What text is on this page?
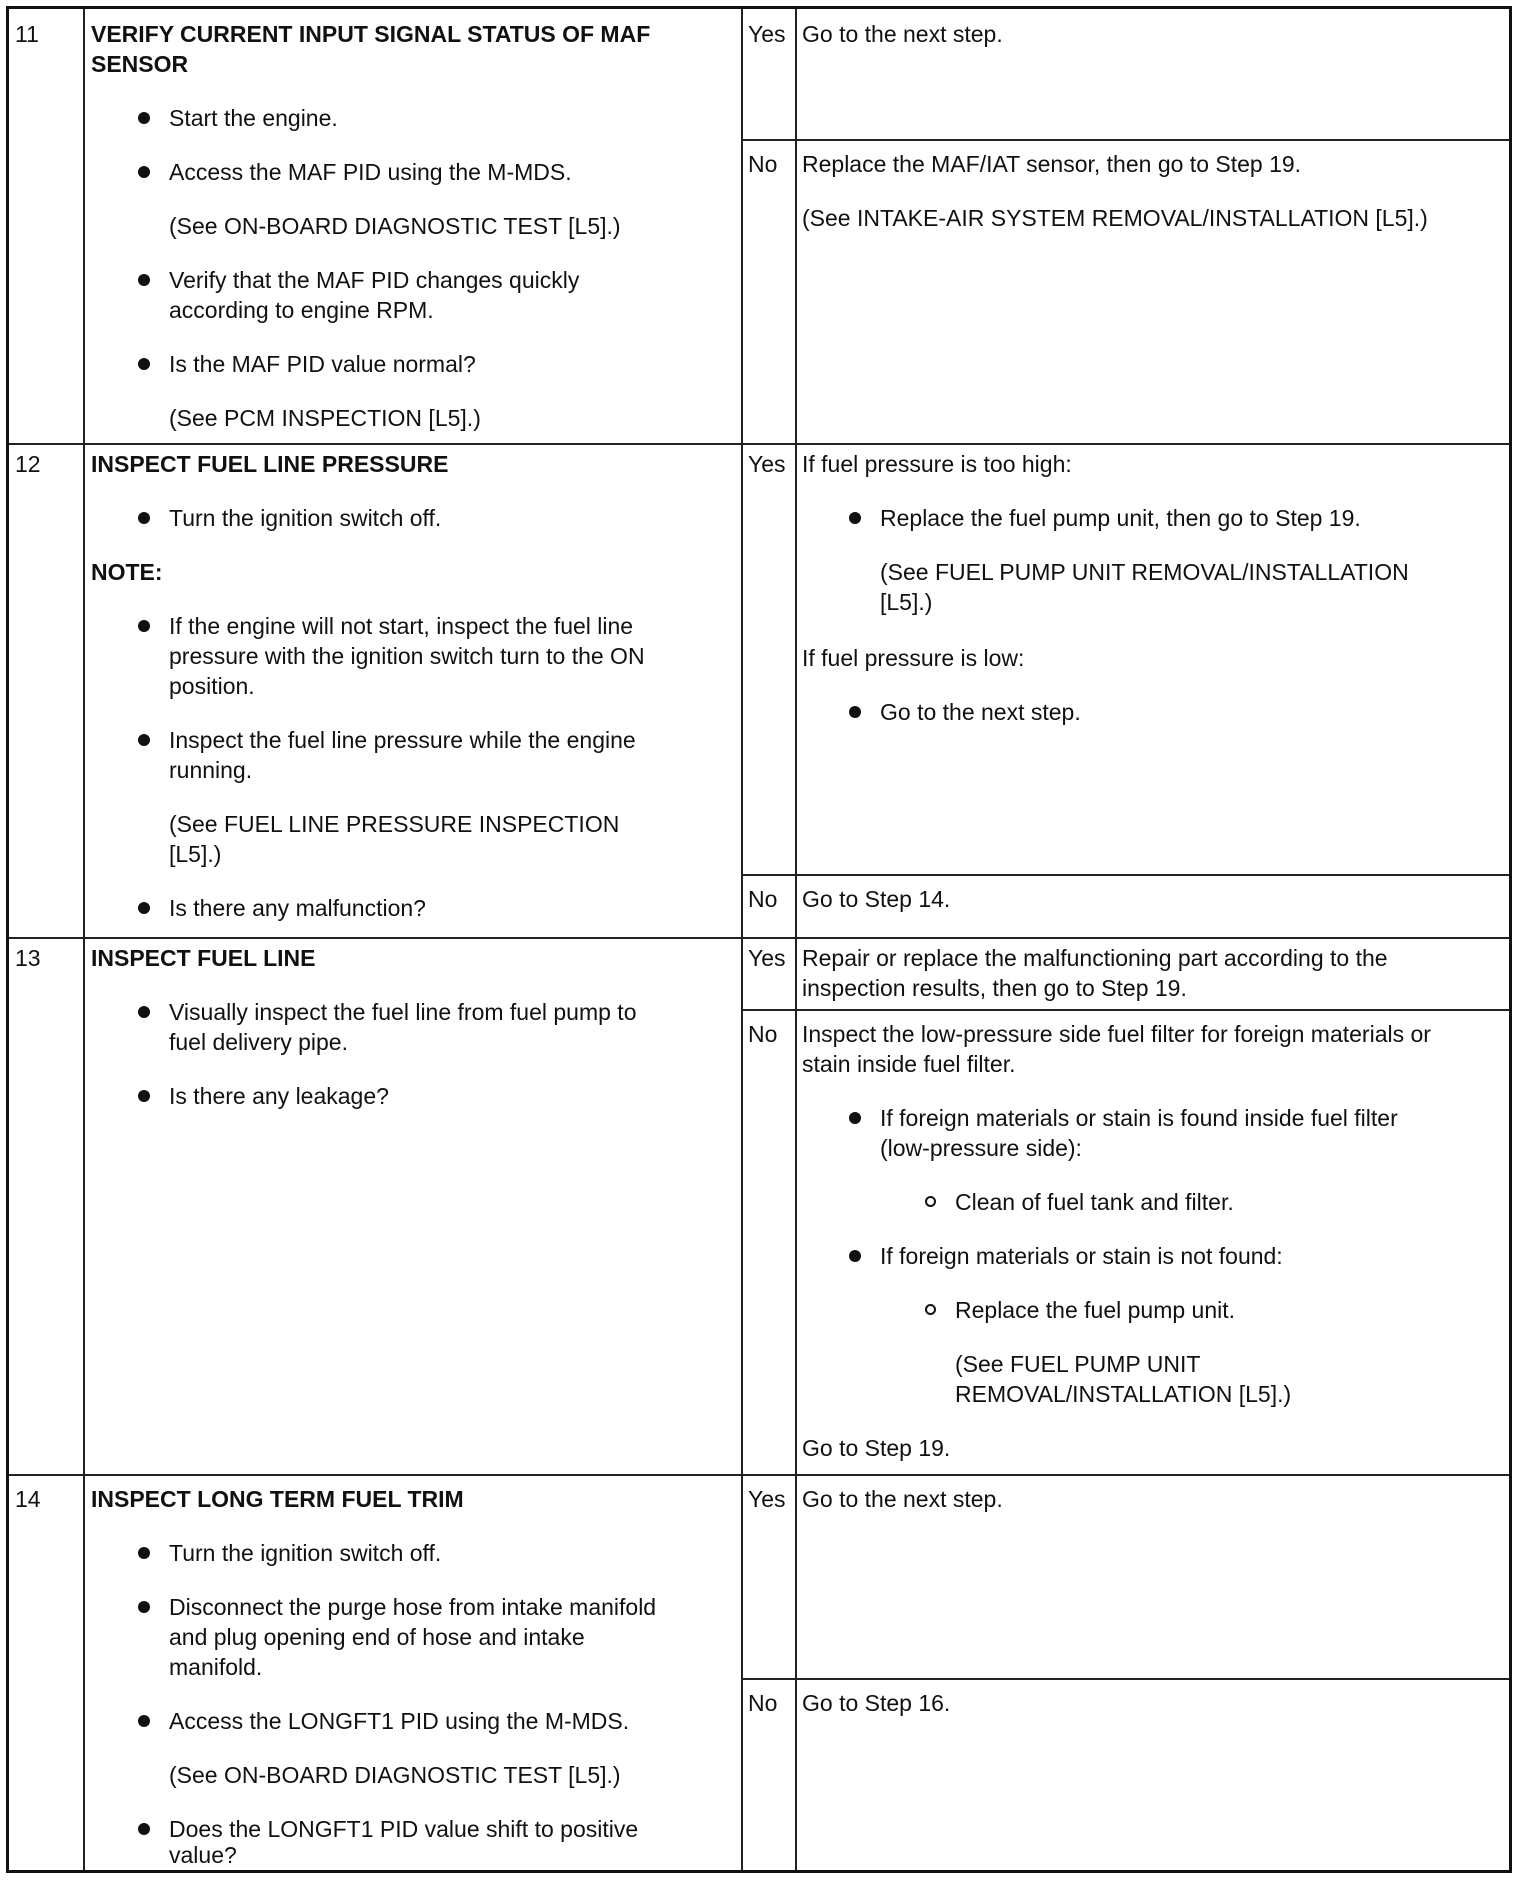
11 VERIFY CURRENT INPUT SIGNAL STATUS OF MAF
SENSOR
Start the engine.
Access the MAF PID using the M-MDS.
(See ON-BOARD DIAGNOSTIC TEST [L5].)
Verify that the MAF PID changes quickly
according to engine RPM.
Is the MAF PID value normal?
(See PCM INSPECTION [L5].)
Yes Go to the next step.
No Replace the MAF/IAT sensor, then go to Step 19.
(See INTAKE-AIR SYSTEM REMOVAL/INSTALLATION [L5].)
12 INSPECT FUEL LINE PRESSURE
Turn the ignition switch off.
NOTE:
If the engine will not start, inspect the fuel line
pressure with the ignition switch turn to the ON
position.
Inspect the fuel line pressure while the engine
running.
(See FUEL LINE PRESSURE INSPECTION
[L5].)
Is there any malfunction?
Yes If fuel pressure is too high:
Replace the fuel pump unit, then go to Step 19.
(See FUEL PUMP UNIT REMOVAL/INSTALLATION
[L5].)
If fuel pressure is low:
Go to the next step.
No Go to Step 14.
13 INSPECT FUEL LINE
Visually inspect the fuel line from fuel pump to
fuel delivery pipe.
Is there any leakage?
Yes Repair or replace the malfunctioning part according to the
inspection results, then go to Step 19.
No Inspect the low-pressure side fuel filter for foreign materials or
stain inside fuel filter.
If foreign materials or stain is found inside fuel filter
(low-pressure side):
Clean of fuel tank and filter.
If foreign materials or stain is not found:
Replace the fuel pump unit.
(See FUEL PUMP UNIT
REMOVAL/INSTALLATION [L5].)
Go to Step 19.
14 INSPECT LONG TERM FUEL TRIM
Turn the ignition switch off.
Disconnect the purge hose from intake manifold
and plug opening end of hose and intake
manifold.
Access the LONGFT1 PID using the M-MDS.
(See ON-BOARD DIAGNOSTIC TEST [L5].)
Does the LONGFT1 PID value shift to positive
value?
Yes Go to the next step.
No Go to Step 16.
